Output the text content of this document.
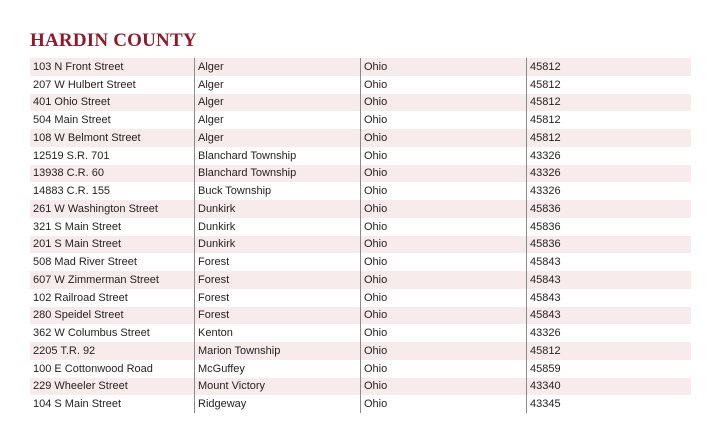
HARDIN COUNTY
103 N Front Street	Alger	Ohio	45812
207 W Hulbert Street	Alger	Ohio	45812
401 Ohio Street	Alger	Ohio	45812
504 Main Street	Alger	Ohio	45812
108 W Belmont Street	Alger	Ohio	45812
12519 S.R. 701	Blanchard Township	Ohio	43326
13938 C.R. 60	Blanchard Township	Ohio	43326
14883 C.R. 155	Buck Township	Ohio	43326
261 W Washington Street	Dunkirk	Ohio	45836
321 S Main Street	Dunkirk	Ohio	45836
201 S Main Street	Dunkirk	Ohio	45836
508 Mad River Street	Forest	Ohio	45843
607 W Zimmerman Street	Forest	Ohio	45843
102 Railroad Street	Forest	Ohio	45843
280 Speidel Street	Forest	Ohio	45843
362 W Columbus Street	Kenton	Ohio	43326
2205 T.R. 92	Marion Township	Ohio	45812
100 E Cottonwood Road	McGuffey	Ohio	45859
229 Wheeler Street	Mount Victory	Ohio	43340
104 S Main Street	Ridgeway	Ohio	43345
